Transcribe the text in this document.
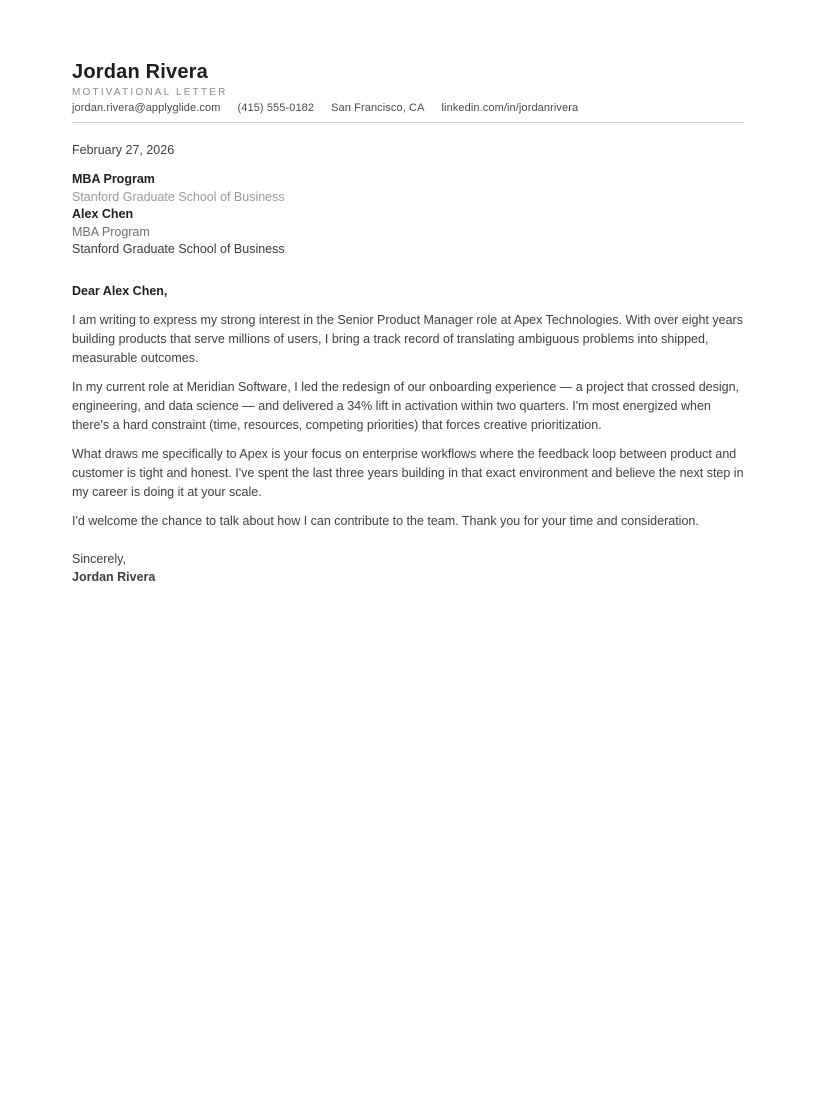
Jordan Rivera
MOTIVATIONAL LETTER
jordan.rivera@applyglide.com (415) 555-0182 San Francisco, CA linkedin.com/in/jordanrivera

February 27, 2026

MBA Program

Stanford Graduate School of Business

Alex Chen

MBA Program

Stanford Graduate School of Business

Dear Alex Chen,

I am writing to express my strong interest in the Senior Product Manager role at Apex Technologies. With over eight years building products that serve millions of users, I bring a track record of translating ambiguous problems into shipped, measurable outcomes.

In my current role at Meridian Software, I led the redesign of our onboarding experience — a project that crossed design, engineering, and data science — and delivered a 34% lift in activation within two quarters. I'm most energized when there's a hard constraint (time, resources, competing priorities) that forces creative prioritization.

What draws me specifically to Apex is your focus on enterprise workflows where the feedback loop between product and customer is tight and honest. I've spent the last three years building in that exact environment and believe the next step in my career is doing it at your scale.

I'd welcome the chance to talk about how I can contribute to the team. Thank you for your time and consideration.

Sincerely,

Jordan Rivera
